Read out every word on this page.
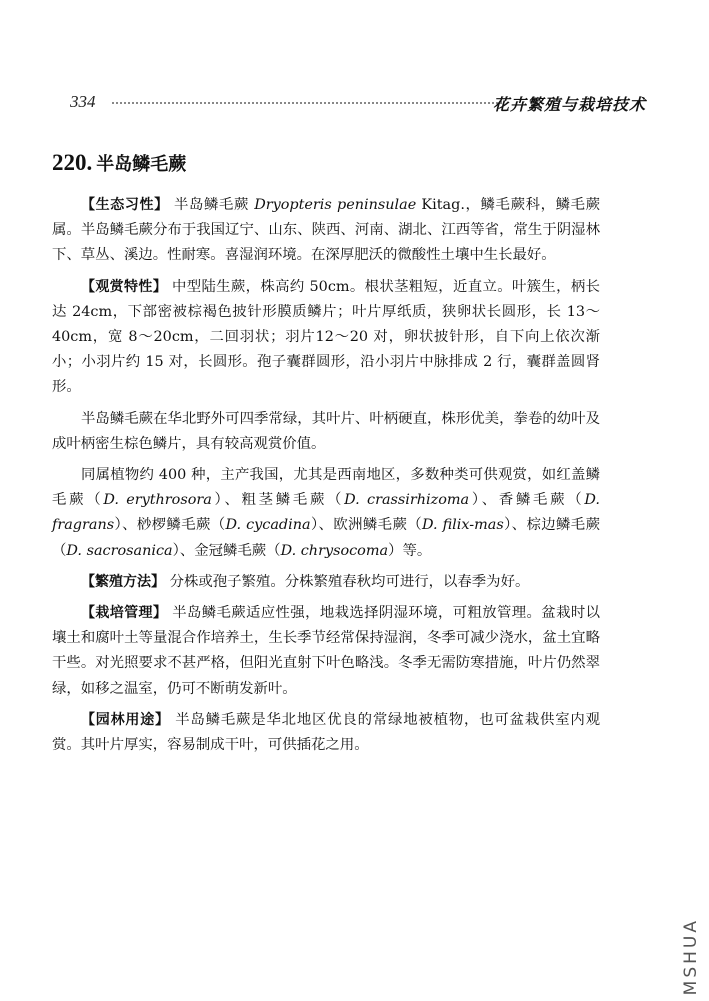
334	花卉繁殖与栽培技术
220. 半岛鳞毛蕨

【生态习性】 半岛鳞毛蕨 Dryopteris peninsulae Kitag.，鳞毛蕨科，鳞毛蕨属。半岛鳞毛蕨分布于我国辽宁、山东、陕西、河南、湖北、江西等省，常生于阴湿林下、草丛、溪边。性耐寒。喜湿润环境。在深厚肥沃的微酸性土壤中生长最好。

【观赏特性】 中型陆生蕨，株高约 50cm。根状茎粗短，近直立。叶簇生，柄长达 24cm，下部密被棕褐色披针形膜质鳞片；叶片厚纸质，狭卵状长圆形，长 13～40cm，宽 8～20cm，二回羽状；羽片12～20 对，卵状披针形，自下向上依次渐小；小羽片约 15 对，长圆形。孢子囊群圆形，沿小羽片中脉排成 2 行，囊群盖圆肾形。

半岛鳞毛蕨在华北野外可四季常绿，其叶片、叶柄硬直，株形优美，拳卷的幼叶及成叶柄密生棕色鳞片，具有较高观赏价值。

同属植物约 400 种，主产我国，尤其是西南地区，多数种类可供观赏，如红盖鳞毛蕨（D. erythrosora）、粗茎鳞毛蕨（D. crassirhizoma）、香鳞毛蕨（D. fragrans）、桫椤鳞毛蕨（D. cycadina）、欧洲鳞毛蕨（D. filix-mas）、棕边鳞毛蕨（D. sacrosanica）、金冠鳞毛蕨（D. chrysocoma）等。

【繁殖方法】 分株或孢子繁殖。分株繁殖春秋均可进行，以春季为好。

【栽培管理】 半岛鳞毛蕨适应性强，地栽选择阴湿环境，可粗放管理。盆栽时以壤土和腐叶土等量混合作培养土，生长季节经常保持湿润，冬季可减少浇水，盆土宜略干些。对光照要求不甚严格，但阳光直射下叶色略浅。冬季无需防寒措施，叶片仍然翠绿，如移之温室，仍可不断萌发新叶。

【园林用途】 半岛鳞毛蕨是华北地区优良的常绿地被植物，也可盆栽供室内观赏。其叶片厚实，容易制成干叶，可供插花之用。

MSHUA
